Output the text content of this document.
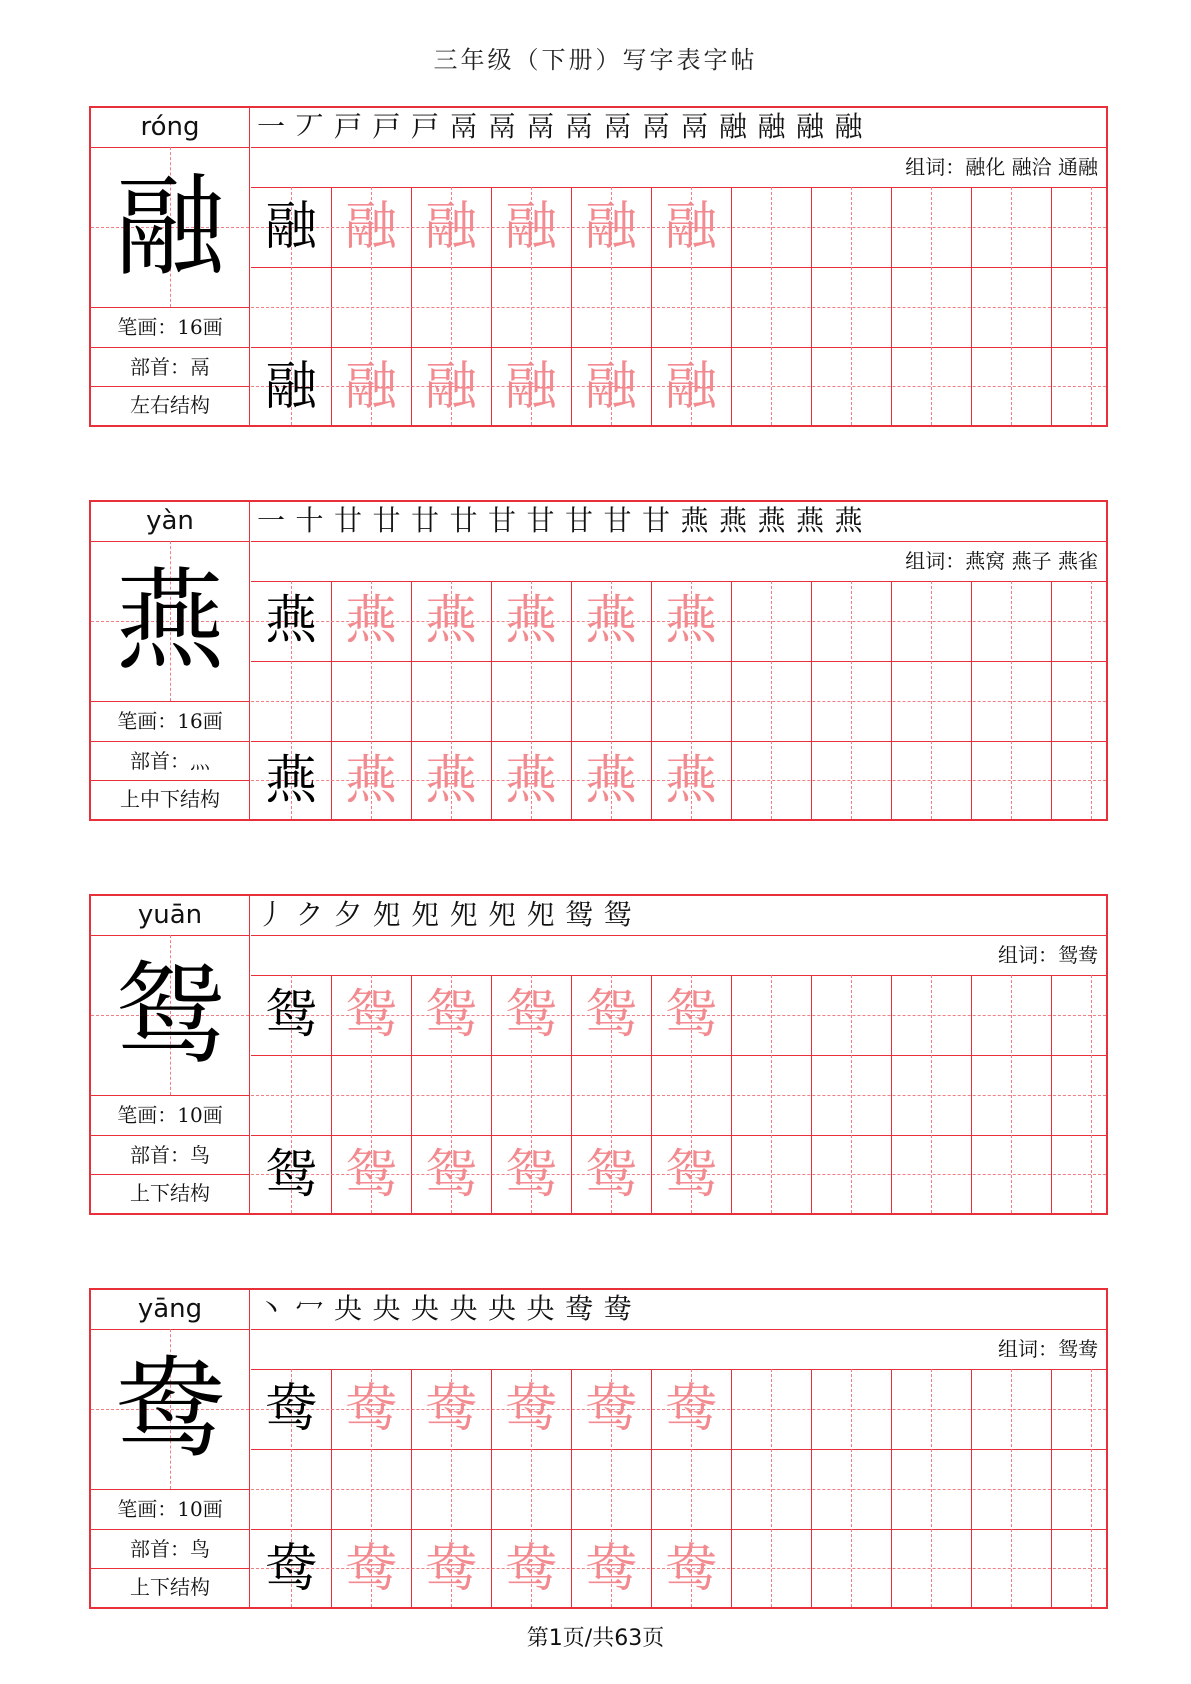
三年级（下册）写字表字帖
róng
融
笔画：16画
部首：鬲
左右结构
一 丆 戸 戸 戸 鬲 鬲 鬲 鬲 鬲 鬲 鬲 融 融 融 融
组词：融化 融洽 通融
融 融 融 融 融 融
融 融 融 融 融 融
yàn
燕
笔画：16画
部首：灬
上中下结构
一 十 廿 廿 廿 廿 甘 甘 甘 甘 甘 燕 燕 燕 燕 燕
组词：燕窝 燕子 燕雀
燕 燕 燕 燕 燕 燕
燕 燕 燕 燕 燕 燕
yuān
鸳
笔画：10画
部首：鸟
上下结构
丿 ク 夕 夗 夗 夗 夗 夗 鸳 鸳
组词：鸳鸯
鸳 鸳 鸳 鸳 鸳 鸳
鸳 鸳 鸳 鸳 鸳 鸳
yāng
鸯
笔画：10画
部首：鸟
上下结构
丶 冖 央 央 央 央 央 央 鸯 鸯
组词：鸳鸯
鸯 鸯 鸯 鸯 鸯 鸯
鸯 鸯 鸯 鸯 鸯 鸯
第1页/共63页
